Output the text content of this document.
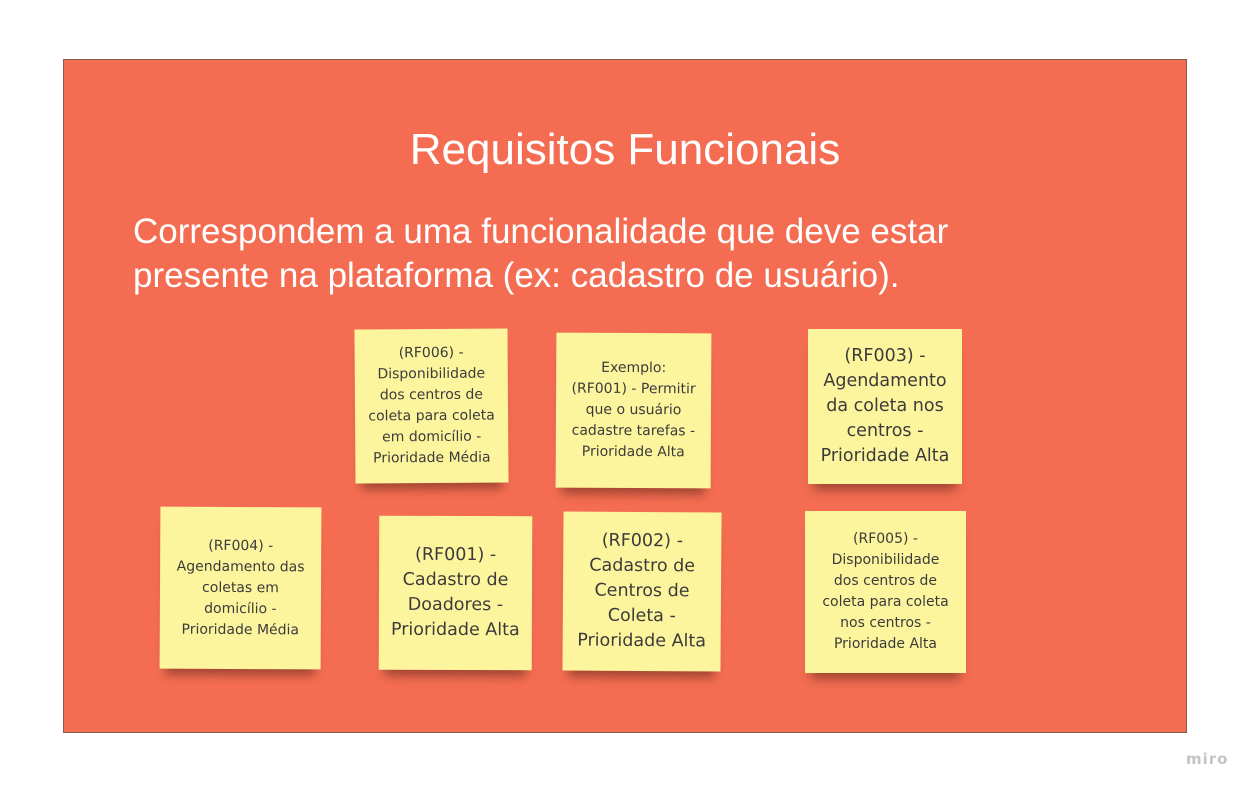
Requisitos Funcionais
Correspondem a uma funcionalidade que deve estar
presente na plataforma (ex: cadastro de usuário).
(RF006) -
Disponibilidade
dos centros de
coleta para coleta
em domicílio -
Prioridade Média
Exemplo:
(RF001) - Permitir
que o usuário
cadastre tarefas -
Prioridade Alta
(RF003) -
Agendamento
da coleta nos
centros -
Prioridade Alta
(RF004) -
Agendamento das
coletas em
domicílio -
Prioridade Média
(RF001) -
Cadastro de
Doadores -
Prioridade Alta
(RF002) -
Cadastro de
Centros de
Coleta -
Prioridade Alta
(RF005) -
Disponibilidade
dos centros de
coleta para coleta
nos centros -
Prioridade Alta
miro
